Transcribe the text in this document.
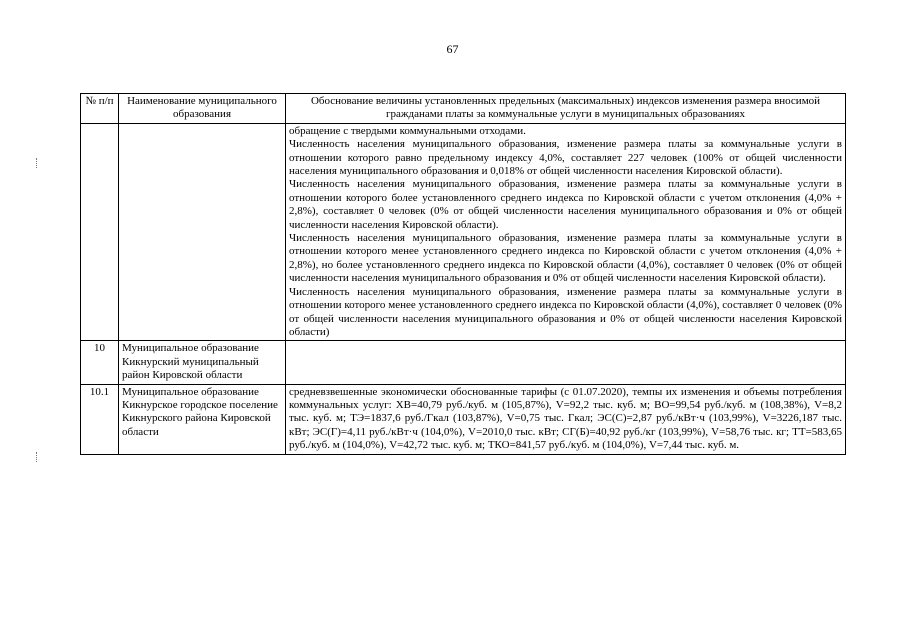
67
№ п/п	Наименование муниципального образования	Обоснование величины установленных предельных (максимальных) индексов изменения размера вносимой гражданами платы за коммунальные услуги в муниципальных образованиях

		обращение с твердыми коммунальными отходами.
Численность населения муниципального образования, изменение размера платы за коммунальные услуги в отношении которого равно предельному индексу 4,0%, составляет 227 человек (100% от общей численности населения муниципального образования и 0,018% от общей численности населения Кировской области).
Численность населения муниципального образования, изменение размера платы за коммунальные услуги в отношении которого более установленного среднего индекса по Кировской области с учетом отклонения (4,0% + 2,8%), составляет 0 человек (0% от общей численности населения муниципального образования и 0% от общей численности населения Кировской области).
Численность населения муниципального образования, изменение размера платы за коммунальные услуги в отношении которого менее установленного среднего индекса по Кировской области с учетом отклонения (4,0% + 2,8%), но более установленного среднего индекса по Кировской области (4,0%), составляет 0 человек (0% от общей численности населения муниципального образования и 0% от общей численности населения Кировской области).
Численность населения муниципального образования, изменение размера платы за коммунальные услуги в отношении которого менее установленного среднего индекса по Кировской области (4,0%), составляет 0 человек (0% от общей численности населения муниципального образования и 0% от общей численюсти населения Кировской области)

10	Муниципальное образование Кикнурский муниципальный район Кировской области	
10.1	Муниципальное образование Кикнурское городское поселение Кикнурского района Кировской области	средневзвешенные экономически обоснованные тарифы (с 01.07.2020), темпы их изменения и объемы потребления коммунальных услуг: ХВ=40,79 руб./куб. м (105,87%), V=92,2 тыс. куб. м; ВО=99,54 руб./куб. м (108,38%), V=8,2 тыс. куб. м; ТЭ=1837,6 руб./Гкал (103,87%), V=0,75 тыс. Гкал; ЭС(С)=2,87 руб./кВт·ч (103,99%), V=3226,187 тыс. кВт; ЭС(Г)=4,11 руб./кВт·ч (104,0%), V=2010,0 тыс. кВт; СГ(Б)=40,92 руб./кг (103,99%), V=58,76 тыс. кг; ТТ=583,65 руб./куб. м (104,0%), V=42,72 тыс. куб. м; ТКО=841,57 руб./куб. м (104,0%), V=7,44 тыс. куб. м.
